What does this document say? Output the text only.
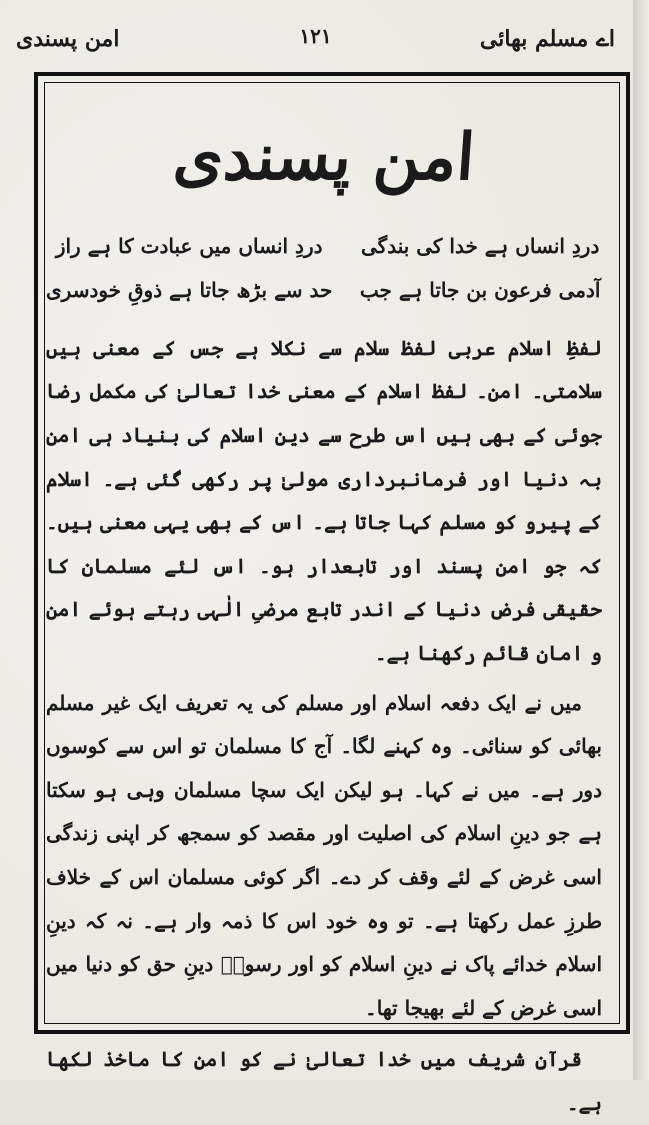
اے مسلم بھائی
۱۲۱
امن پسندی
امن پسندی
دردِ انساں ہے خدا کی بندگی
دردِ انساں میں عبادت کا ہے راز
آدمی فرعون بن جاتا ہے جب
حد سے بڑھ جاتا ہے ذوقِ خودسری

لفظِ اسلام عربی لفظ سلام سے نکلا ہے جس کے معنی ہیں سلامتی۔ امن۔ لفظ اسلام کے معنی خدا تعالیٰ کی مکمل رضا جوئی کے بھی ہیں اس طرح سے دینِ اسلام کی بنیاد ہی امن بہ دنیا اور فرمانبرداری مولیٰ پر رکھی گئی ہے۔ اسلام کے پیرو کو مسلم کہا جاتا ہے۔ اس کے بھی یہی معنی ہیں۔ کہ جو امن پسند اور تابعدار ہو۔ اس لئے مسلمان کا حقیقی فرض دنیا کے اندر تابع مرضیِ الٰہی رہتے ہوئے امن و امان قائم رکھنا ہے۔

میں نے ایک دفعہ اسلام اور مسلم کی یہ تعریف ایک غیر مسلم بھائی کو سنائی۔ وہ کہنے لگا۔ آج کا مسلمان تو اس سے کوسوں دور ہے۔ میں نے کہا۔ ہو لیکن ایک سچا مسلمان وہی ہو سکتا ہے جو دینِ اسلام کی اصلیت اور مقصد کو سمجھ کر اپنی زندگی اسی غرض کے لئے وقف کر دے۔ اگر کوئی مسلمان اس کے خلاف طرزِ عمل رکھتا ہے۔ تو وہ خود اس کا ذمہ وار ہے۔ نہ کہ دینِ اسلام خدائے پاک نے دینِ اسلام کو اور رسولؐ دینِ حق کو دنیا میں اسی غرض کے لئے بھیجا تھا۔

قرآنِ شریف میں خدا تعالیٰ نے کو امن کا ماخذ لکھا ہے۔
